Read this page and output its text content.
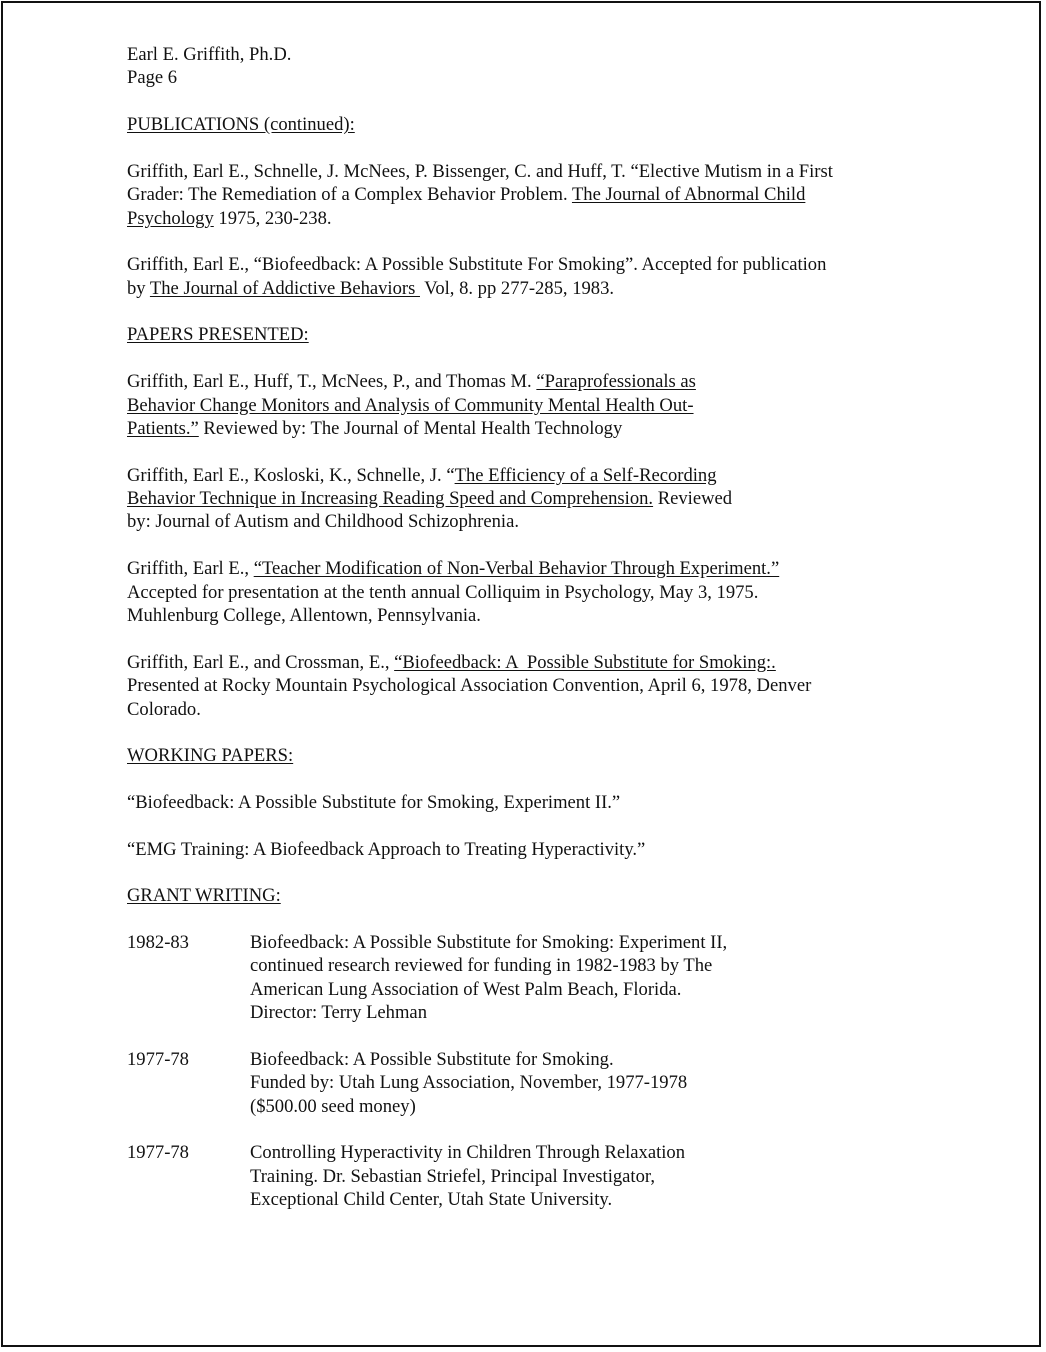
Earl E. Griffith, Ph.D.
Page 6
PUBLICATIONS (continued):
Griffith, Earl E., Schnelle, J. McNees, P. Bissenger, C. and Huff, T. “Elective Mutism in a First
Grader: The Remediation of a Complex Behavior Problem. The Journal of Abnormal Child
Psychology 1975, 230-238.
Griffith, Earl E., “Biofeedback: A Possible Substitute For Smoking”. Accepted for publication
by The Journal of Addictive Behaviors  Vol, 8. pp 277-285, 1983.
PAPERS PRESENTED:
Griffith, Earl E., Huff, T., McNees, P., and Thomas M. “Paraprofessionals as
Behavior Change Monitors and Analysis of Community Mental Health Out-
Patients.” Reviewed by: The Journal of Mental Health Technology
Griffith, Earl E., Kosloski, K., Schnelle, J. “The Efficiency of a Self-Recording
Behavior Technique in Increasing Reading Speed and Comprehension. Reviewed
by: Journal of Autism and Childhood Schizophrenia.
Griffith, Earl E., “Teacher Modification of Non-Verbal Behavior Through Experiment.”
Accepted for presentation at the tenth annual Colliquim in Psychology, May 3, 1975.
Muhlenburg College, Allentown, Pennsylvania.
Griffith, Earl E., and Crossman, E., “Biofeedback: A  Possible Substitute for Smoking:.
Presented at Rocky Mountain Psychological Association Convention, April 6, 1978, Denver
Colorado.
WORKING PAPERS:
“Biofeedback: A Possible Substitute for Smoking, Experiment II.”
“EMG Training: A Biofeedback Approach to Treating Hyperactivity.”
GRANT WRITING:
1982-83	Biofeedback: A Possible Substitute for Smoking: Experiment II,
continued research reviewed for funding in 1982-1983 by The
American Lung Association of West Palm Beach, Florida.
Director: Terry Lehman
1977-78	Biofeedback: A Possible Substitute for Smoking.
Funded by: Utah Lung Association, November, 1977-1978
($500.00 seed money)
1977-78	Controlling Hyperactivity in Children Through Relaxation
Training. Dr. Sebastian Striefel, Principal Investigator,
Exceptional Child Center, Utah State University.
